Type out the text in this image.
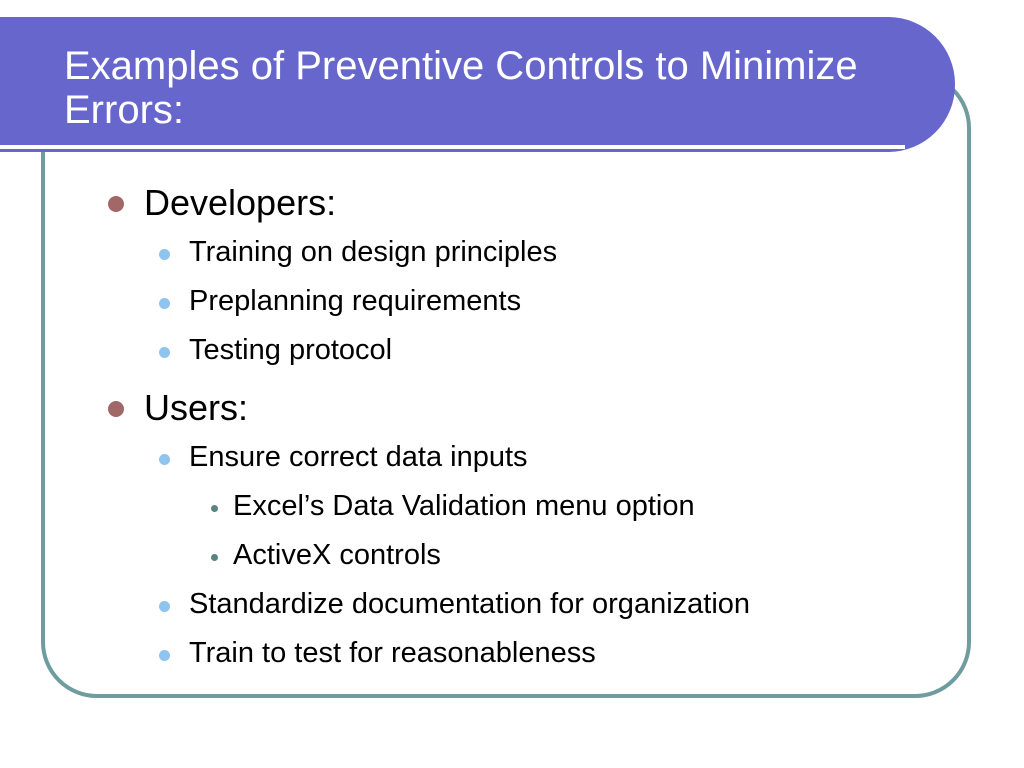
Examples of Preventive Controls to Minimize Errors:
Developers:
Training on design principles
Preplanning requirements
Testing protocol
Users:
Ensure correct data inputs
Excel’s Data Validation menu option
ActiveX controls
Standardize documentation for organization
Train to test for reasonableness
